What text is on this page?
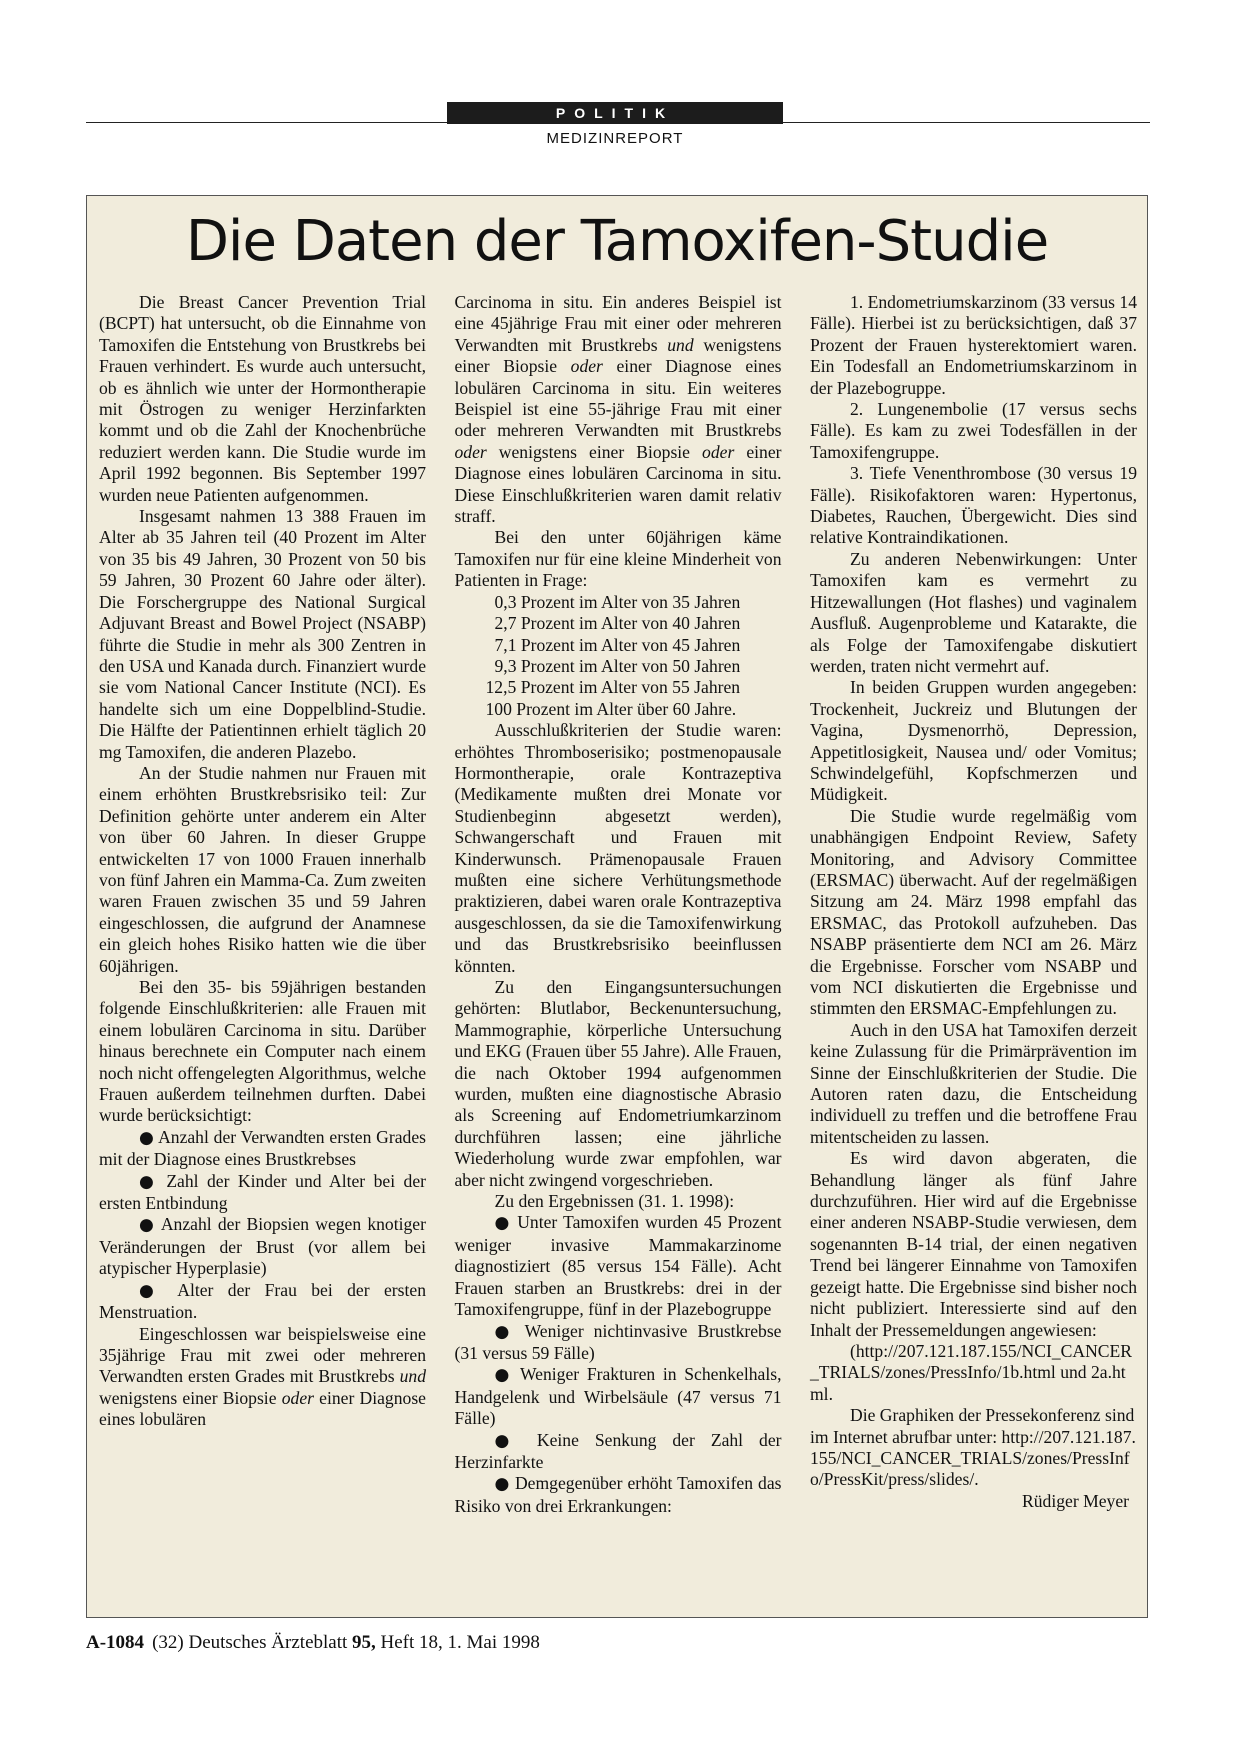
POLITIK
MEDIZINREPORT
Die Daten der Tamoxifen-Studie

Die Breast Cancer Prevention Trial (BCPT) hat untersucht, ob die Einnahme von Tamoxifen die Entstehung von Brustkrebs bei Frauen verhindert. Es wurde auch untersucht, ob es ähnlich wie unter der Hormontherapie mit Östrogen zu weniger Herzinfarkten kommt und ob die Zahl der Knochenbrüche reduziert werden kann. Die Studie wurde im April 1992 begonnen. Bis September 1997 wurden neue Patienten aufgenommen.

Insgesamt nahmen 13 388 Frauen im Alter ab 35 Jahren teil (40 Prozent im Alter von 35 bis 49 Jahren, 30 Prozent von 50 bis 59 Jahren, 30 Prozent 60 Jahre oder älter). Die Forschergruppe des National Surgical Adjuvant Breast and Bowel Project (NSABP) führte die Studie in mehr als 300 Zentren in den USA und Kanada durch. Finanziert wurde sie vom National Cancer Institute (NCI). Es handelte sich um eine Doppelblind-Studie. Die Hälfte der Patientinnen erhielt täglich 20 mg Tamoxifen, die anderen Plazebo.

An der Studie nahmen nur Frauen mit einem erhöhten Brustkrebsrisiko teil: Zur Definition gehörte unter anderem ein Alter von über 60 Jahren. In dieser Gruppe entwickelten 17 von 1000 Frauen innerhalb von fünf Jahren ein Mamma-Ca. Zum zweiten waren Frauen zwischen 35 und 59 Jahren eingeschlossen, die aufgrund der Anamnese ein gleich hohes Risiko hatten wie die über 60jährigen.

Bei den 35- bis 59jährigen bestanden folgende Einschlußkriterien: alle Frauen mit einem lobulären Carcinoma in situ. Darüber hinaus berechnete ein Computer nach einem noch nicht offengelegten Algorithmus, welche Frauen außerdem teilnehmen durften. Dabei wurde berücksichtigt:

● Anzahl der Verwandten ersten Grades mit der Diagnose eines Brustkrebses

● Zahl der Kinder und Alter bei der ersten Entbindung

● Anzahl der Biopsien wegen knotiger Veränderungen der Brust (vor allem bei atypischer Hyperplasie)

● Alter der Frau bei der ersten Menstruation.

Eingeschlossen war beispielsweise eine 35jährige Frau mit zwei oder mehreren Verwandten ersten Grades mit Brustkrebs und wenigstens einer Biopsie oder einer Diagnose eines lobulären

Carcinoma in situ. Ein anderes Beispiel ist eine 45jährige Frau mit einer oder mehreren Verwandten mit Brustkrebs und wenigstens einer Biopsie oder einer Diagnose eines lobulären Carcinoma in situ. Ein weiteres Beispiel ist eine 55-jährige Frau mit einer oder mehreren Verwandten mit Brustkrebs oder wenigstens einer Biopsie oder einer Diagnose eines lobulären Carcinoma in situ. Diese Einschlußkriterien waren damit relativ straff.

Bei den unter 60jährigen käme Tamoxifen nur für eine kleine Minderheit von Patienten in Frage:

0,3 Prozent im Alter von 35 Jahren

2,7 Prozent im Alter von 40 Jahren

7,1 Prozent im Alter von 45 Jahren

9,3 Prozent im Alter von 50 Jahren

12,5 Prozent im Alter von 55 Jahren

100 Prozent im Alter über 60 Jahre.

Ausschlußkriterien der Studie waren: erhöhtes Thromboserisiko; postmenopausale Hormontherapie, orale Kontrazeptiva (Medikamente mußten drei Monate vor Studienbeginn abgesetzt werden), Schwangerschaft und Frauen mit Kinderwunsch. Prämenopausale Frauen mußten eine sichere Verhütungsmethode praktizieren, dabei waren orale Kontrazeptiva ausgeschlossen, da sie die Tamoxifenwirkung und das Brustkrebsrisiko beeinflussen könnten.

Zu den Eingangsuntersuchungen gehörten: Blutlabor, Beckenuntersuchung, Mammographie, körperliche Untersuchung und EKG (Frauen über 55 Jahre). Alle Frauen, die nach Oktober 1994 aufgenommen wurden, mußten eine diagnostische Abrasio als Screening auf Endometriumkarzinom durchführen lassen; eine jährliche Wiederholung wurde zwar empfohlen, war aber nicht zwingend vorgeschrieben.

Zu den Ergebnissen (31. 1. 1998):

● Unter Tamoxifen wurden 45 Prozent weniger invasive Mammakarzinome diagnostiziert (85 versus 154 Fälle). Acht Frauen starben an Brustkrebs: drei in der Tamoxifengruppe, fünf in der Plazebogruppe

● Weniger nichtinvasive Brustkrebse (31 versus 59 Fälle)

● Weniger Frakturen in Schenkelhals, Handgelenk und Wirbelsäule (47 versus 71 Fälle)

● Keine Senkung der Zahl der Herzinfarkte

● Demgegenüber erhöht Tamoxifen das Risiko von drei Erkrankungen:

1. Endometriumskarzinom (33 versus 14 Fälle). Hierbei ist zu berücksichtigen, daß 37 Prozent der Frauen hysterektomiert waren. Ein Todesfall an Endometriumskarzinom in der Plazebogruppe.

2. Lungenembolie (17 versus sechs Fälle). Es kam zu zwei Todesfällen in der Tamoxifengruppe.

3. Tiefe Venenthrombose (30 versus 19 Fälle). Risikofaktoren waren: Hypertonus, Diabetes, Rauchen, Übergewicht. Dies sind relative Kontraindikationen.

Zu anderen Nebenwirkungen: Unter Tamoxifen kam es vermehrt zu Hitzewallungen (Hot flashes) und vaginalem Ausfluß. Augenprobleme und Katarakte, die als Folge der Tamoxifengabe diskutiert werden, traten nicht vermehrt auf.

In beiden Gruppen wurden angegeben: Trockenheit, Juckreiz und Blutungen der Vagina, Dysmenorrhö, Depression, Appetitlosigkeit, Nausea und/ oder Vomitus; Schwindelgefühl, Kopfschmerzen und Müdigkeit.

Die Studie wurde regelmäßig vom unabhängigen Endpoint Review, Safety Monitoring, and Advisory Committee (ERSMAC) überwacht. Auf der regelmäßigen Sitzung am 24. März 1998 empfahl das ERSMAC, das Protokoll aufzuheben. Das NSABP präsentierte dem NCI am 26. März die Ergebnisse. Forscher vom NSABP und vom NCI diskutierten die Ergebnisse und stimmten den ERSMAC-Empfehlungen zu.

Auch in den USA hat Tamoxifen derzeit keine Zulassung für die Primärprävention im Sinne der Einschlußkriterien der Studie. Die Autoren raten dazu, die Entscheidung individuell zu treffen und die betroffene Frau mitentscheiden zu lassen.

Es wird davon abgeraten, die Behandlung länger als fünf Jahre durchzuführen. Hier wird auf die Ergebnisse einer anderen NSABP-Studie verwiesen, dem sogenannten B-14 trial, der einen negativen Trend bei längerer Einnahme von Tamoxifen gezeigt hatte. Die Ergebnisse sind bisher noch nicht publiziert. Interessierte sind auf den Inhalt der Pressemeldungen angewiesen:

(http://207.121.187.155/NCI_CANCER_TRIALS/zones/PressInfo/1b.html und 2a.html.

Die Graphiken der Pressekonferenz sind im Internet abrufbar unter: http://207.121.187.155/NCI_CANCER_TRIALS/zones/PressInfo/PressKit/press/slides/.

Rüdiger Meyer

A-1084 (32) Deutsches Ärzteblatt 95, Heft 18, 1. Mai 1998
